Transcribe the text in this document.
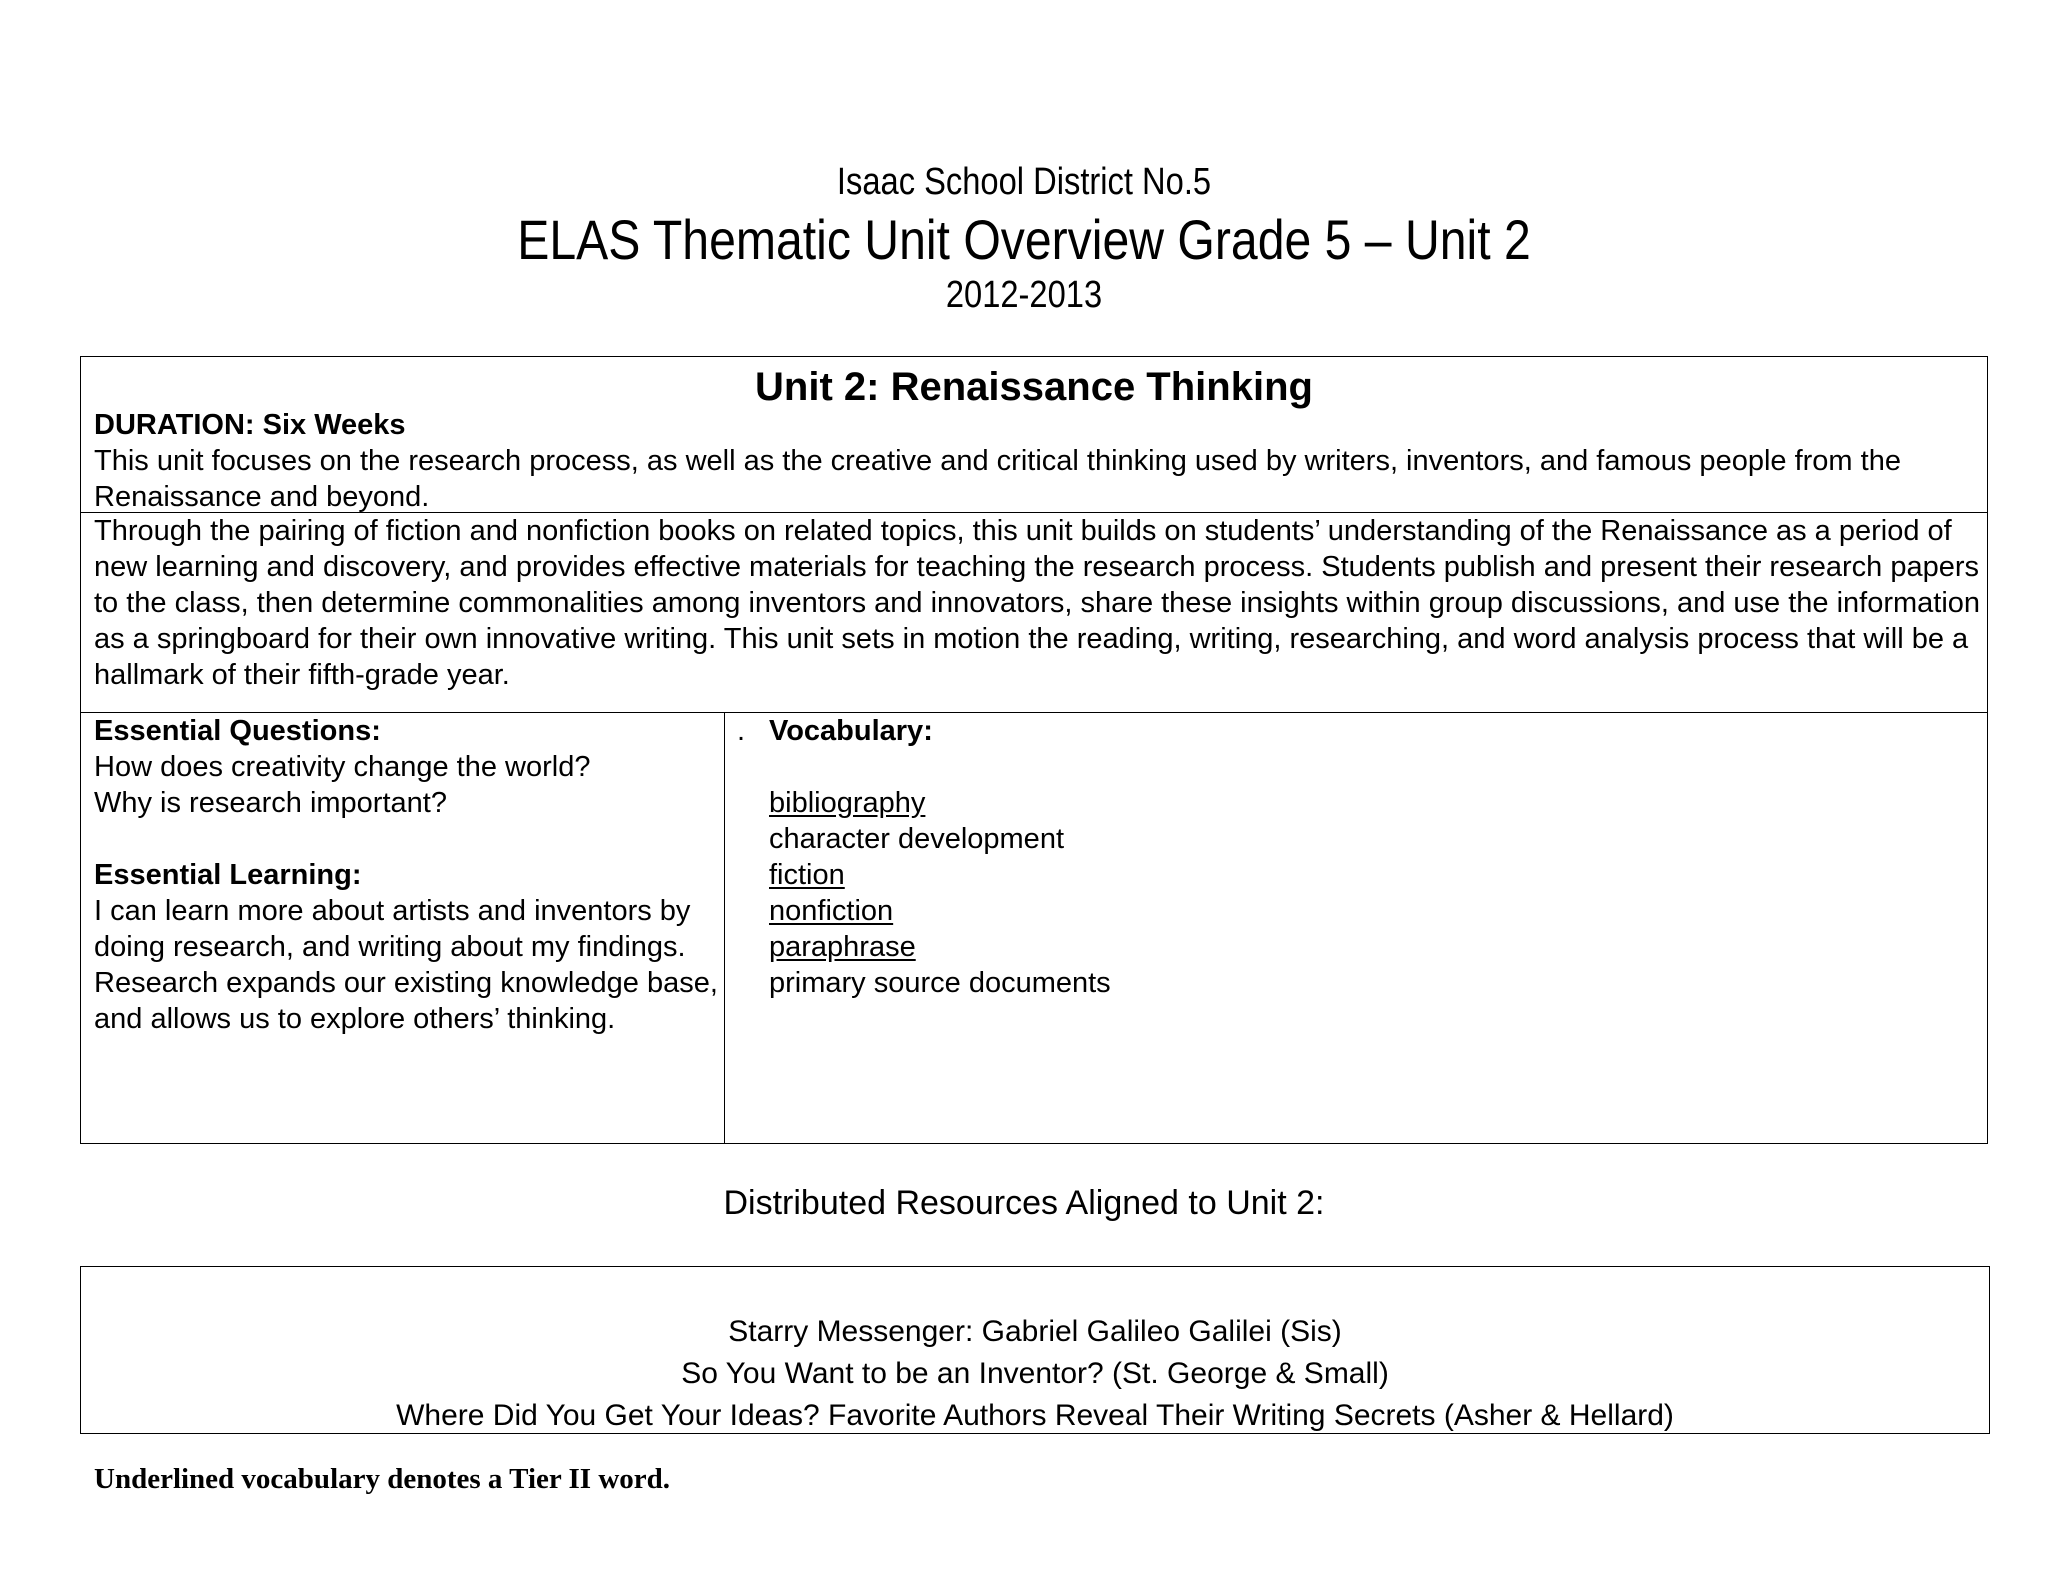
Isaac School District No.5
ELAS Thematic Unit Overview Grade 5 – Unit 2
2012-2013
Unit 2: Renaissance Thinking
DURATION: Six Weeks
This unit focuses on the research process, as well as the creative and critical thinking used by writers, inventors, and famous people from the Renaissance and beyond.
Through the pairing of fiction and nonfiction books on related topics, this unit builds on students’ understanding of the Renaissance as a period of new learning and discovery, and provides effective materials for teaching the research process. Students publish and present their research papers to the class, then determine commonalities among inventors and innovators, share these insights within group discussions, and use the information as a springboard for their own innovative writing. This unit sets in motion the reading, writing, researching, and word analysis process that will be a hallmark of their fifth-grade year.
Essential Questions:
How does creativity change the world?
Why is research important?
Essential Learning:
I can learn more about artists and inventors by doing research, and writing about my findings.
Research expands our existing knowledge base, and allows us to explore others’ thinking.
. Vocabulary:
bibliography
character development
fiction
nonfiction
paraphrase
primary source documents
Distributed Resources Aligned to Unit 2:
Starry Messenger: Gabriel Galileo Galilei (Sis)
So You Want to be an Inventor? (St. George & Small)
Where Did You Get Your Ideas? Favorite Authors Reveal Their Writing Secrets (Asher & Hellard)
Underlined vocabulary denotes a Tier II word.
